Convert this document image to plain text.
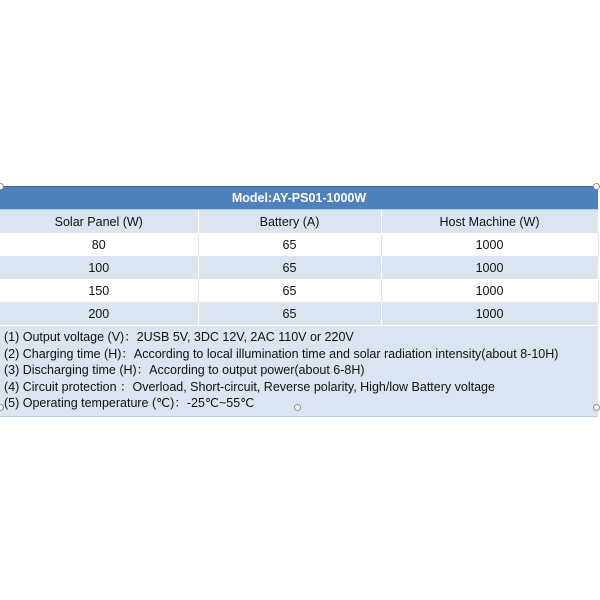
Model:AY-PS01-1000W		
Solar Panel (W)	Battery (A)	Host Machine (W)
80	65	1000
100	65	1000
150	65	1000
200	65	1000

(1) Output voltage (V)：2USB 5V, 3DC 12V, 2AC 110V or 220V
(2) Charging time (H)：According to local illumination time and solar radiation intensity(about 8-10H)
(3) Discharging time (H)：According to output power(about 6-8H)
(4) Circuit protection ：Overload, Short-circuit, Reverse polarity, High/low Battery voltage
(5) Operating temperature (℃)：-25℃~55℃		
